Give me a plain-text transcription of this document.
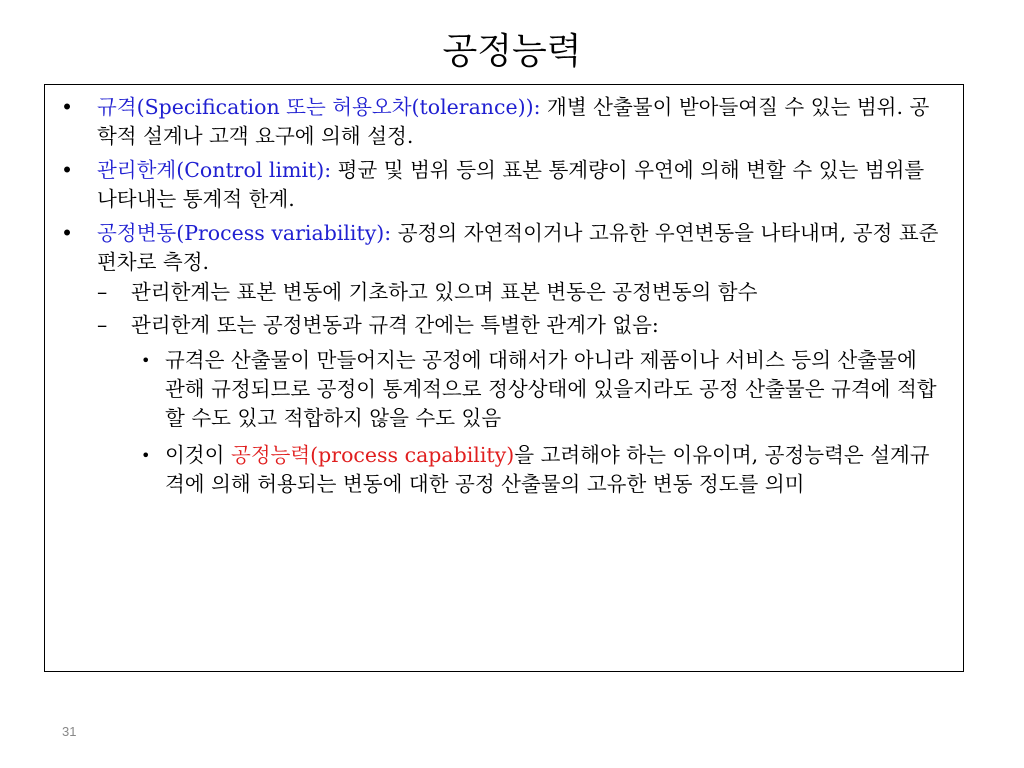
공정능력
• 규격(Specification 또는 허용오차(tolerance)): 개별 산출물이 받아들여질 수 있는 범위. 공학적 설계나 고객 요구에 의해 설정.
• 관리한계(Control limit): 평균 및 범위 등의 표본 통계량이 우연에 의해 변할 수 있는 범위를 나타내는 통계적 한계.
• 공정변동(Process variability): 공정의 자연적이거나 고유한 우연변동을 나타내며, 공정 표준편차로 측정.
– 관리한계는 표본 변동에 기초하고 있으며 표본 변동은 공정변동의 함수
– 관리한계 또는 공정변동과 규격 간에는 특별한 관계가 없음:
• 규격은 산출물이 만들어지는 공정에 대해서가 아니라 제품이나 서비스 등의 산출물에 관해 규정되므로 공정이 통계적으로 정상상태에 있을지라도 공정 산출물은 규격에 적합할 수도 있고 적합하지 않을 수도 있음
• 이것이 공정능력(process capability)을 고려해야 하는 이유이며, 공정능력은 설계규격에 의해 허용되는 변동에 대한 공정 산출물의 고유한 변동 정도를 의미
31
